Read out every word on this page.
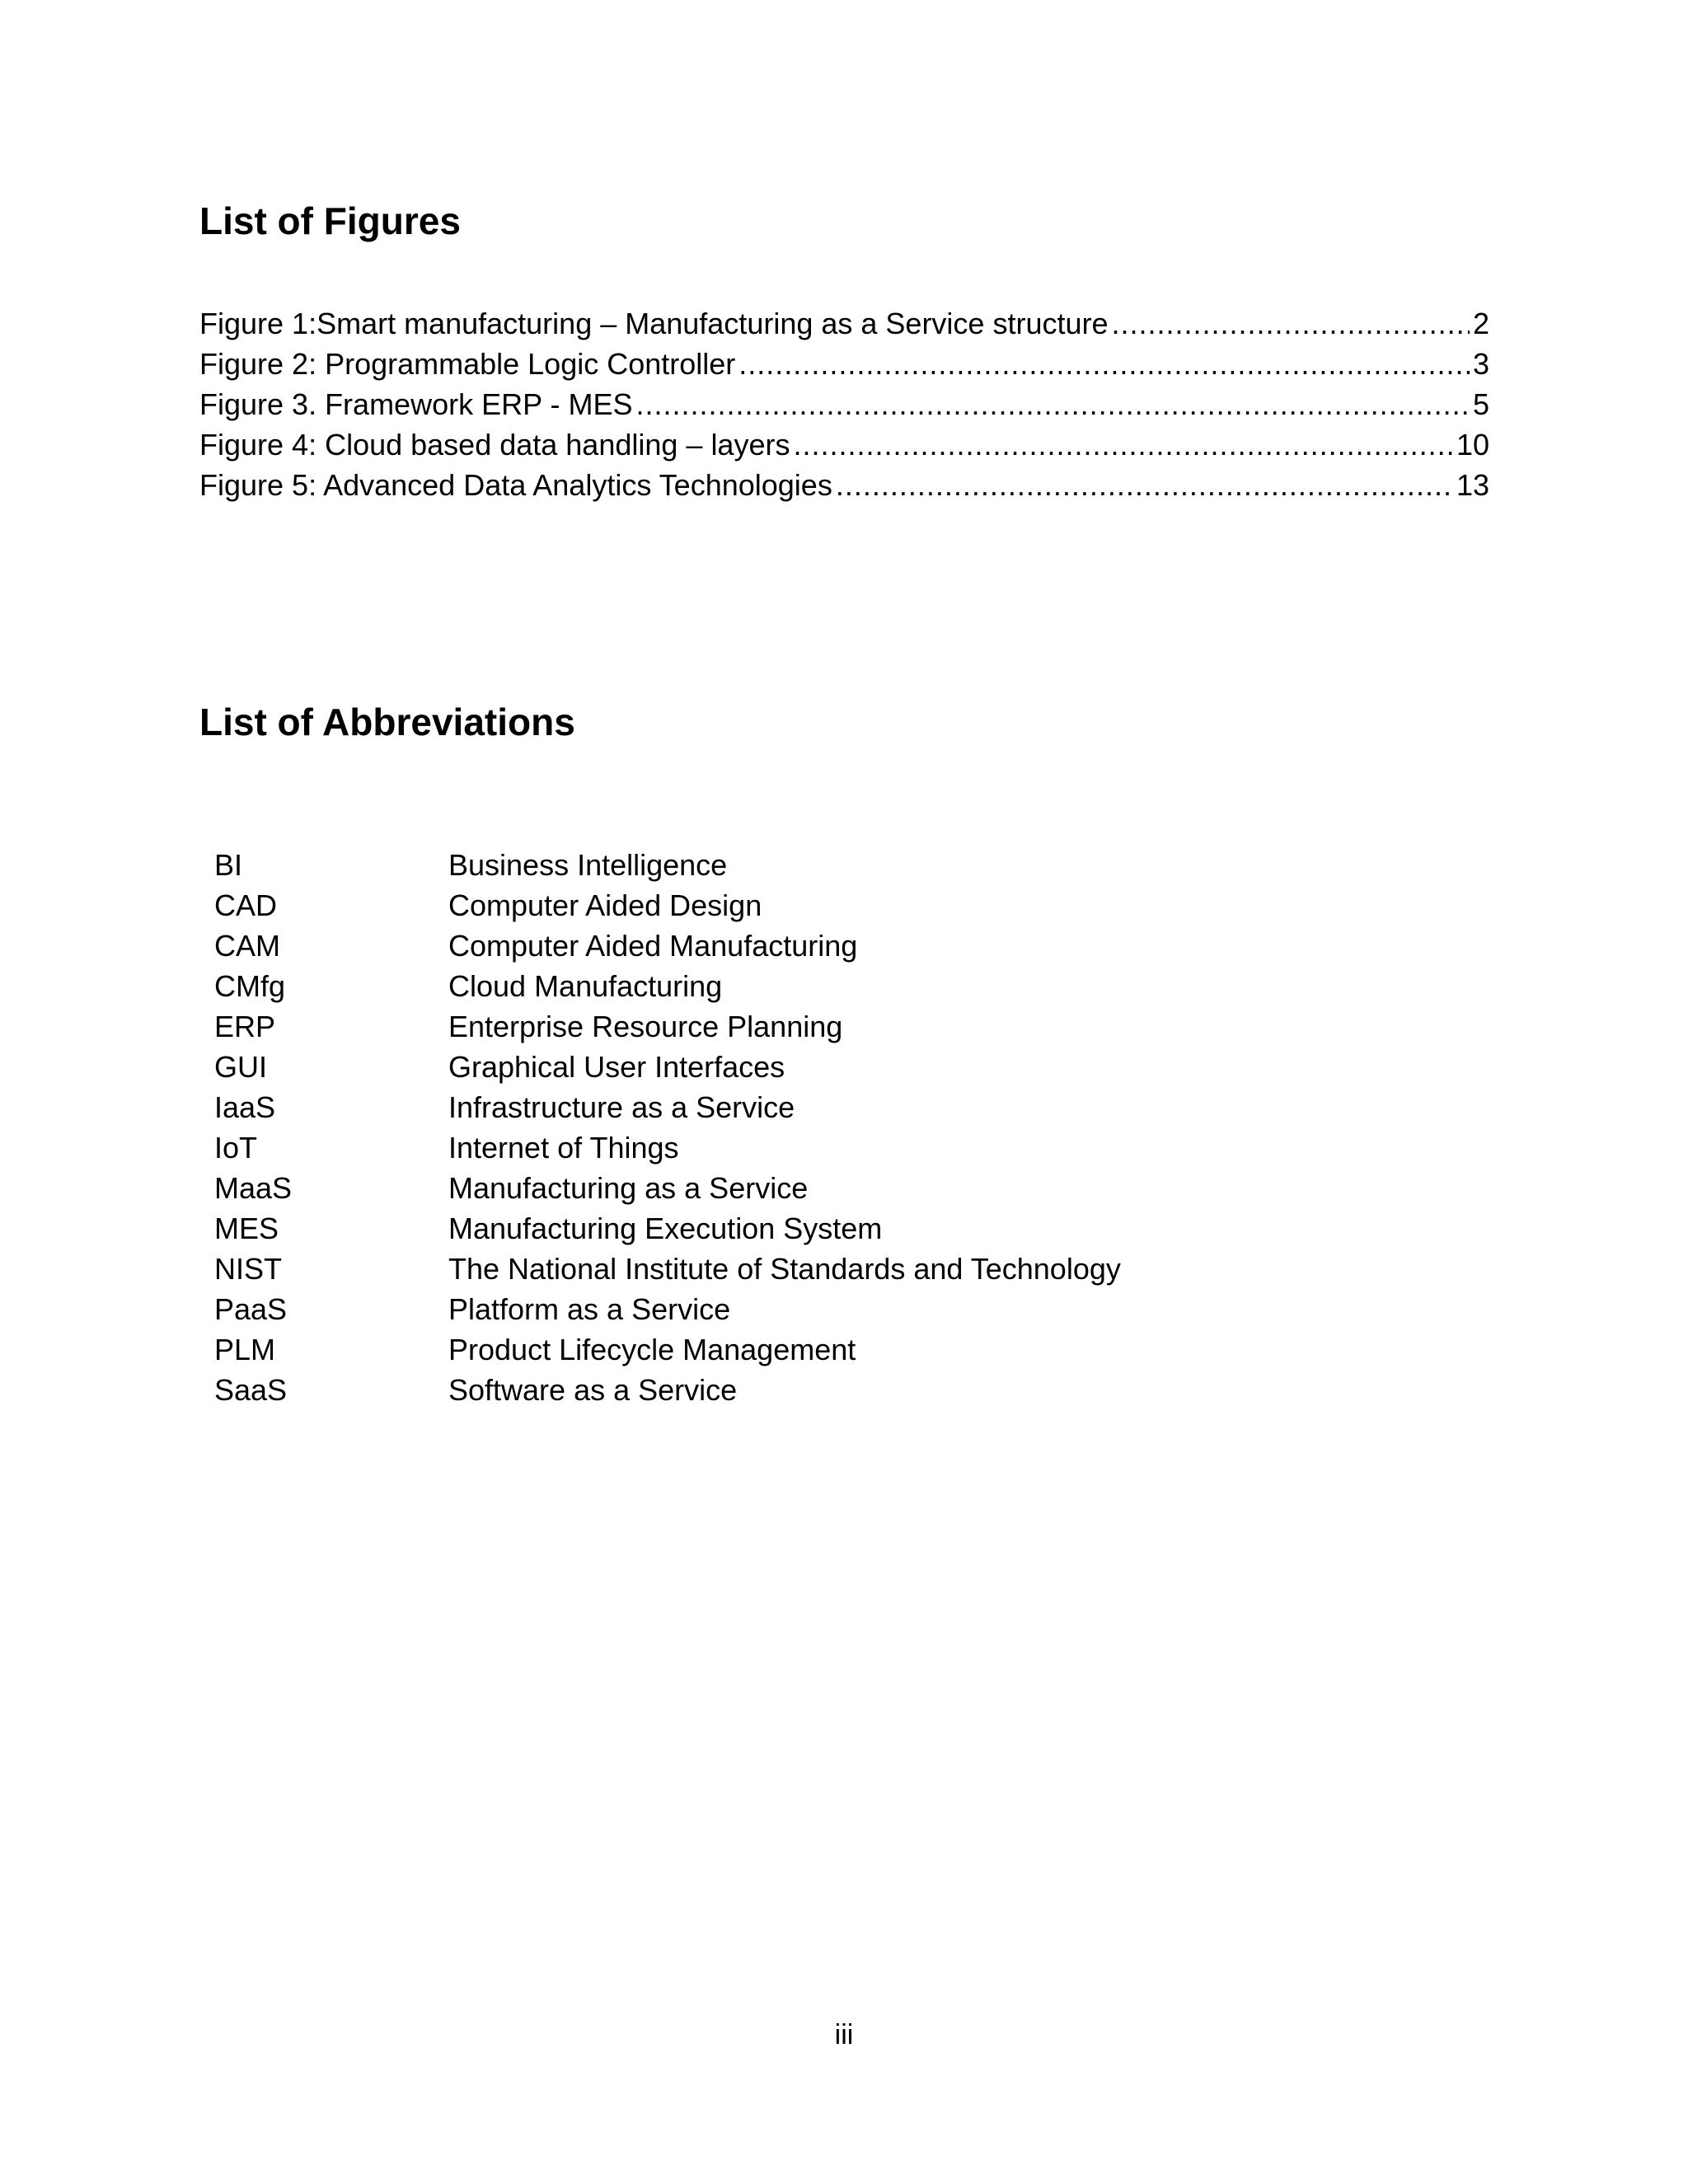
List of Figures
Figure 1:Smart manufacturing – Manufacturing as a Service structure .....	2
Figure 2: Programmable Logic Controller .....	3
Figure 3. Framework ERP - MES .....	5
Figure 4: Cloud based data handling – layers .....	10
Figure 5: Advanced Data Analytics Technologies .....	13
List of Abbreviations
BI	Business Intelligence
CAD	Computer Aided Design
CAM	Computer Aided Manufacturing
CMfg	Cloud Manufacturing
ERP	Enterprise Resource Planning
GUI	Graphical User Interfaces
IaaS	Infrastructure as a Service
IoT	Internet of Things
MaaS	Manufacturing as a Service
MES	Manufacturing Execution System
NIST	The National Institute of Standards and Technology
PaaS	Platform as a Service
PLM	Product Lifecycle Management
SaaS	Software as a Service
iii
